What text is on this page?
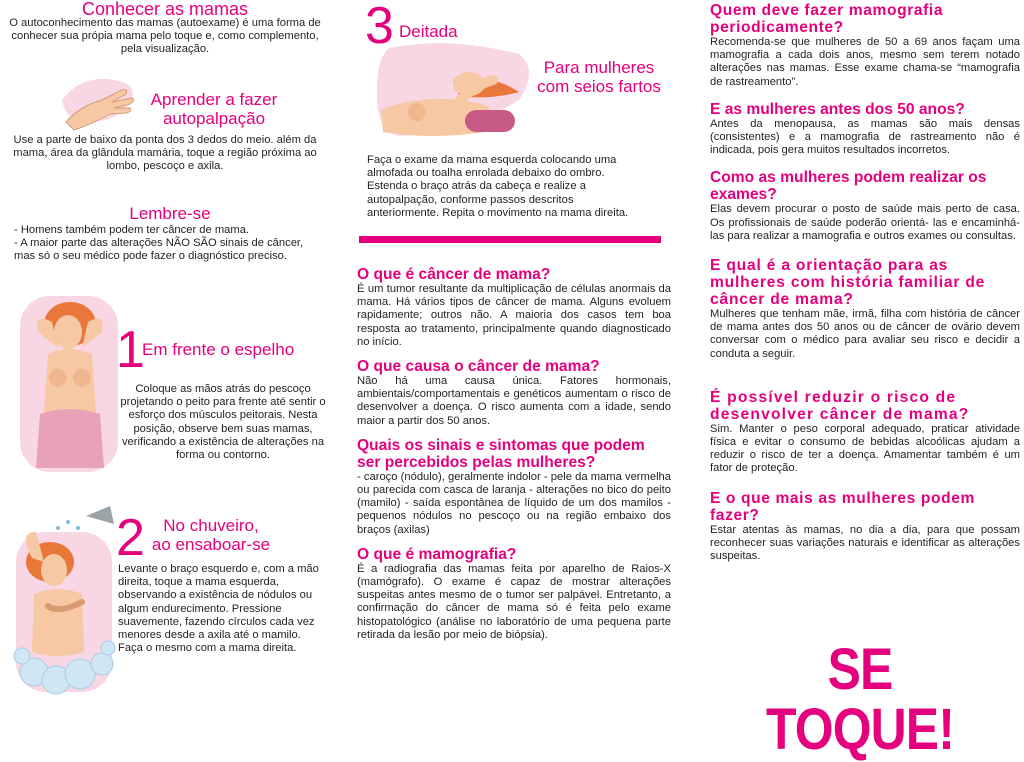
Conhecer as mamas
O autoconhecimento das mamas (autoexame) é uma forma de conhecer sua própia mama pelo toque e, como complemento, pela visualização.
Aprender a fazer
autopalpação
Use a parte de baixo da ponta dos 3 dedos do meio. além da mama, área da glândula mamária, toque a região próxima ao lombo, pescoço e axila.
Lembre-se
- Homens também podem ter câncer de mama.
- A maior parte das alterações NÃO SÃO sinais de câncer, mas só o seu médico pode fazer o diagnóstico preciso.
1
Em frente o espelho
Coloque as mãos atrás do pescoço projetando o peito para frente até sentir o esforço dos músculos peitorais. Nesta posição, observe bem suas mamas, verificando a existência de alterações na forma ou contorno.
2	No chuveiro,
ao ensaboar-se
Levante o braço esquerdo e, com a mão direita, toque a mama esquerda, observando a existência de nódulos ou algum endurecimento. Pressione suavemente, fazendo círculos cada vez menores desde a axila até o mamilo. Faça o mesmo com a mama direita.
3 Deitada
Para mulheres
com seios fartos
Faça o exame da mama esquerda colocando uma almofada ou toalha enrolada debaixo do ombro. Estenda o braço atrás da cabeça e realize a autopalpação, conforme passos descritos anteriormente. Repita o movimento na mama direita.
O que é câncer de mama?
É um tumor resultante da multiplicação de células anormais da mama. Há vários tipos de câncer de mama. Alguns evoluem rapidamente; outros não. A maioria dos casos tem boa resposta ao tratamento, principalmente quando diagnosticado no início.
O que causa o câncer de mama?
Não há uma causa única. Fatores hormonais, ambientais/comportamentais e genéticos aumentam o risco de desenvolver a doença. O risco aumenta com a idade, sendo maior a partir dos 50 anos.
Quais os sinais e sintomas que podem ser percebidos pelas mulheres?
- caroço (nódulo), geralmente indolor - pele da mama vermelha ou parecida com casca de laranja - alterações no bico do peito (mamilo) - saída espontânea de líquido de um dos mamilos - pequenos nódulos no pescoço ou na região embaixo dos braços (axilas)
O que é mamografia?
É a radiografia das mamas feita por aparelho de Raios-X (mamógrafo). O exame é capaz de mostrar alterações suspeitas antes mesmo de o tumor ser palpável. Entretanto, a confirmação do câncer de mama só é feita pelo exame histopatológico (análise no laboratório de uma pequena parte retirada da lesão por meio de biópsia).
Quem deve fazer mamografia periodicamente?
Recomenda-se que mulheres de 50 a 69 anos façam uma mamografia a cada dois anos, mesmo sem terem notado alterações nas mamas. Esse exame chama-se “mamografia de rastreamento”.
E as mulheres antes dos 50 anos?
Antes da menopausa, as mamas são mais densas (consistentes) e a mamografia de rastreamento não é indicada, pois gera muitos resultados incorretos.
Como as mulheres podem realizar os exames?
Elas devem procurar o posto de saúde mais perto de casa. Os profissionais de saúde poderão orientá- las e encaminhá-las para realizar a mamografia e outros exames ou consultas.
E qual é a orientação para as mulheres com história familiar de câncer de mama?
Mulheres que tenham mãe, irmã, filha com história de câncer de mama antes dos 50 anos ou de câncer de ovário devem conversar com o médico para avaliar seu risco e decidir a conduta a seguir.
É possível reduzir o risco de desenvolver câncer de mama?
Sim. Manter o peso corporal adequado, praticar atividade física e evitar o consumo de bebidas alcoólicas ajudam a reduzir o risco de ter a doença. Amamentar também é um fator de proteção.
E o que mais as mulheres podem fazer?
Estar atentas às mamas, no dia a dia, para que possam reconhecer suas variações naturais e identificar as alterações suspeitas.
SE TOQUE!
